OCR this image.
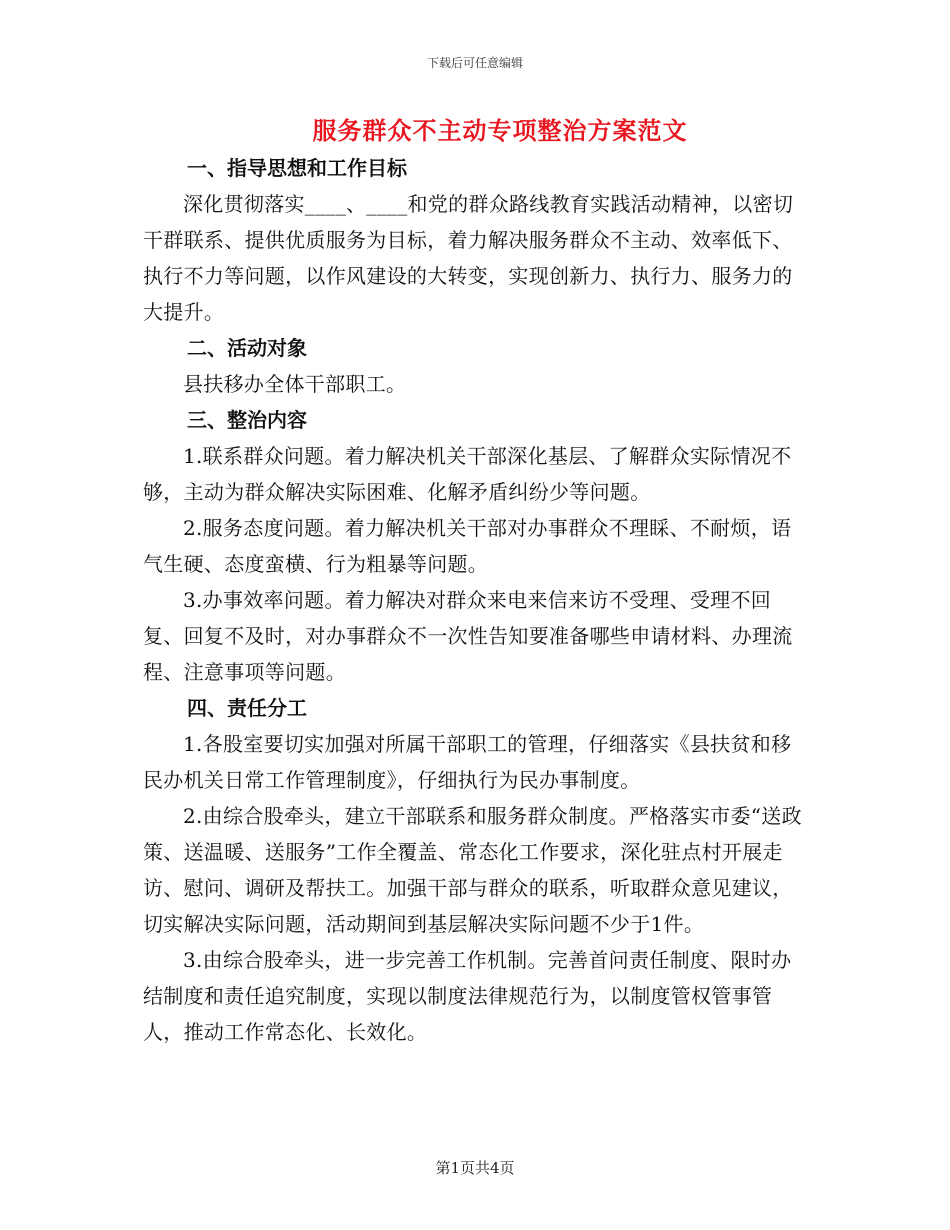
下载后可任意编辑
服务群众不主动专项整治方案范文

一、指导思想和工作目标

深化贯彻落实____、____和党的群众路线教育实践活动精神，以密切干群联系、提供优质服务为目标，着力解决服务群众不主动、效率低下、执行不力等问题，以作风建设的大转变，实现创新力、执行力、服务力的大提升。

二、活动对象

县扶移办全体干部职工。

三、整治内容

1.联系群众问题。着力解决机关干部深化基层、了解群众实际情况不够，主动为群众解决实际困难、化解矛盾纠纷少等问题。

2.服务态度问题。着力解决机关干部对办事群众不理睬、不耐烦，语气生硬、态度蛮横、行为粗暴等问题。

3.办事效率问题。着力解决对群众来电来信来访不受理、受理不回复、回复不及时，对办事群众不一次性告知要准备哪些申请材料、办理流程、注意事项等问题。

四、责任分工

1.各股室要切实加强对所属干部职工的管理，仔细落实《县扶贫和移民办机关日常工作管理制度》，仔细执行为民办事制度。

2.由综合股牵头，建立干部联系和服务群众制度。严格落实市委“送政策、送温暖、送服务”工作全覆盖、常态化工作要求，深化驻点村开展走访、慰问、调研及帮扶工。加强干部与群众的联系，听取群众意见建议，切实解决实际问题，活动期间到基层解决实际问题不少于1件。

3.由综合股牵头，进一步完善工作机制。完善首问责任制度、限时办结制度和责任追究制度，实现以制度法律规范行为，以制度管权管事管人，推动工作常态化、长效化。

第1页共4页
